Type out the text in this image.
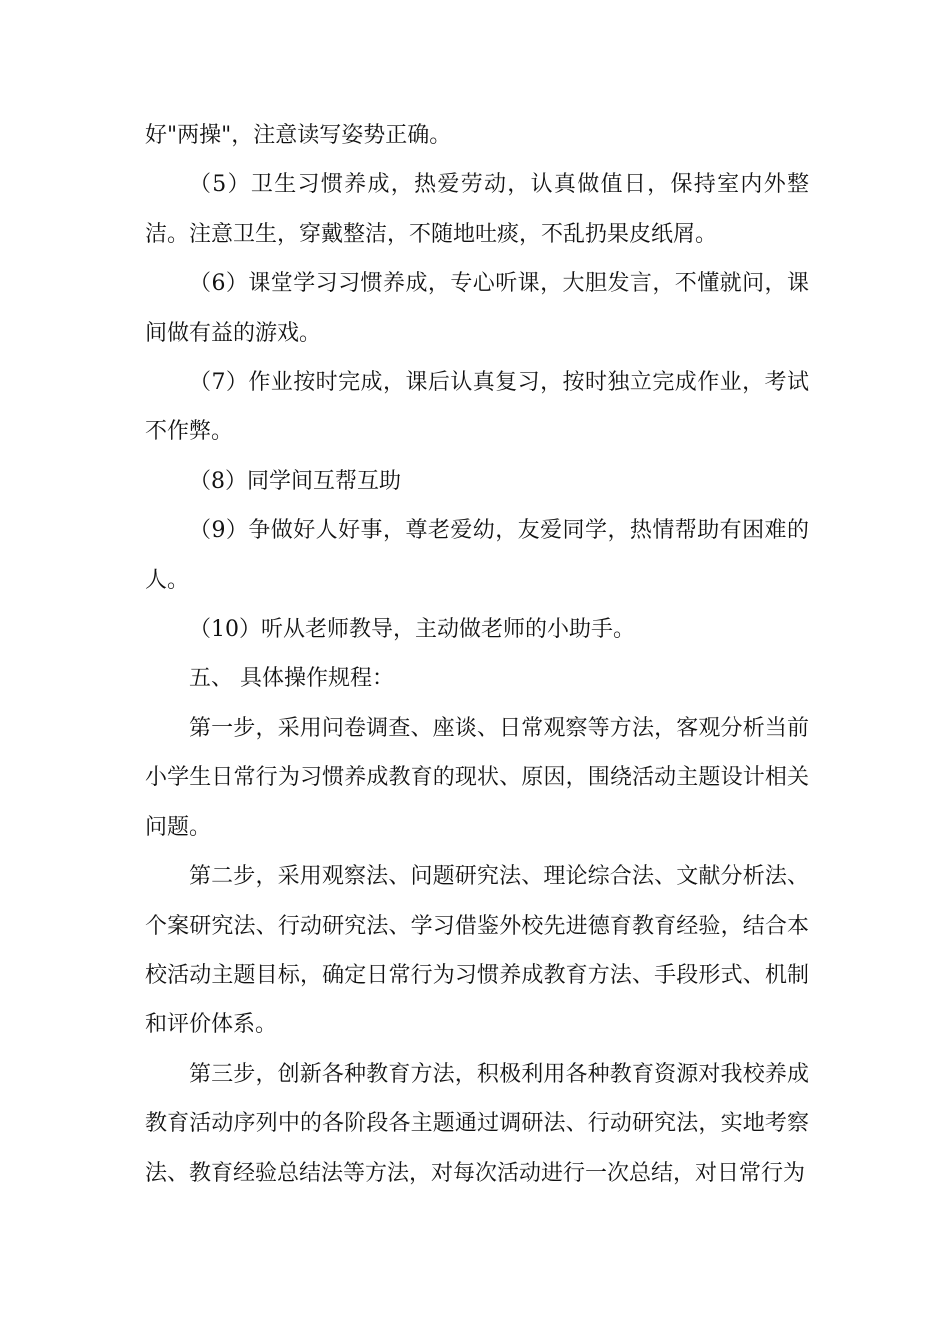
好"两操"，注意读写姿势正确。

（5）卫生习惯养成，热爱劳动，认真做值日，保持室内外整洁。注意卫生，穿戴整洁，不随地吐痰，不乱扔果皮纸屑。

（6）课堂学习习惯养成，专心听课，大胆发言，不懂就问，课间做有益的游戏。

（7）作业按时完成，课后认真复习，按时独立完成作业，考试不作弊。

（8）同学间互帮互助

（9）争做好人好事，尊老爱幼，友爱同学，热情帮助有困难的人。

（10）听从老师教导，主动做老师的小助手。

五、 具体操作规程：

第一步，采用问卷调查、座谈、日常观察等方法，客观分析当前小学生日常行为习惯养成教育的现状、原因，围绕活动主题设计相关问题。

第二步，采用观察法、问题研究法、理论综合法、文献分析法、个案研究法、行动研究法、学习借鉴外校先进德育教育经验，结合本校活动主题目标，确定日常行为习惯养成教育方法、手段形式、机制和评价体系。

第三步，创新各种教育方法，积极利用各种教育资源对我校养成教育活动序列中的各阶段各主题通过调研法、行动研究法，实地考察法、教育经验总结法等方法，对每次活动进行一次总结，对日常行为
